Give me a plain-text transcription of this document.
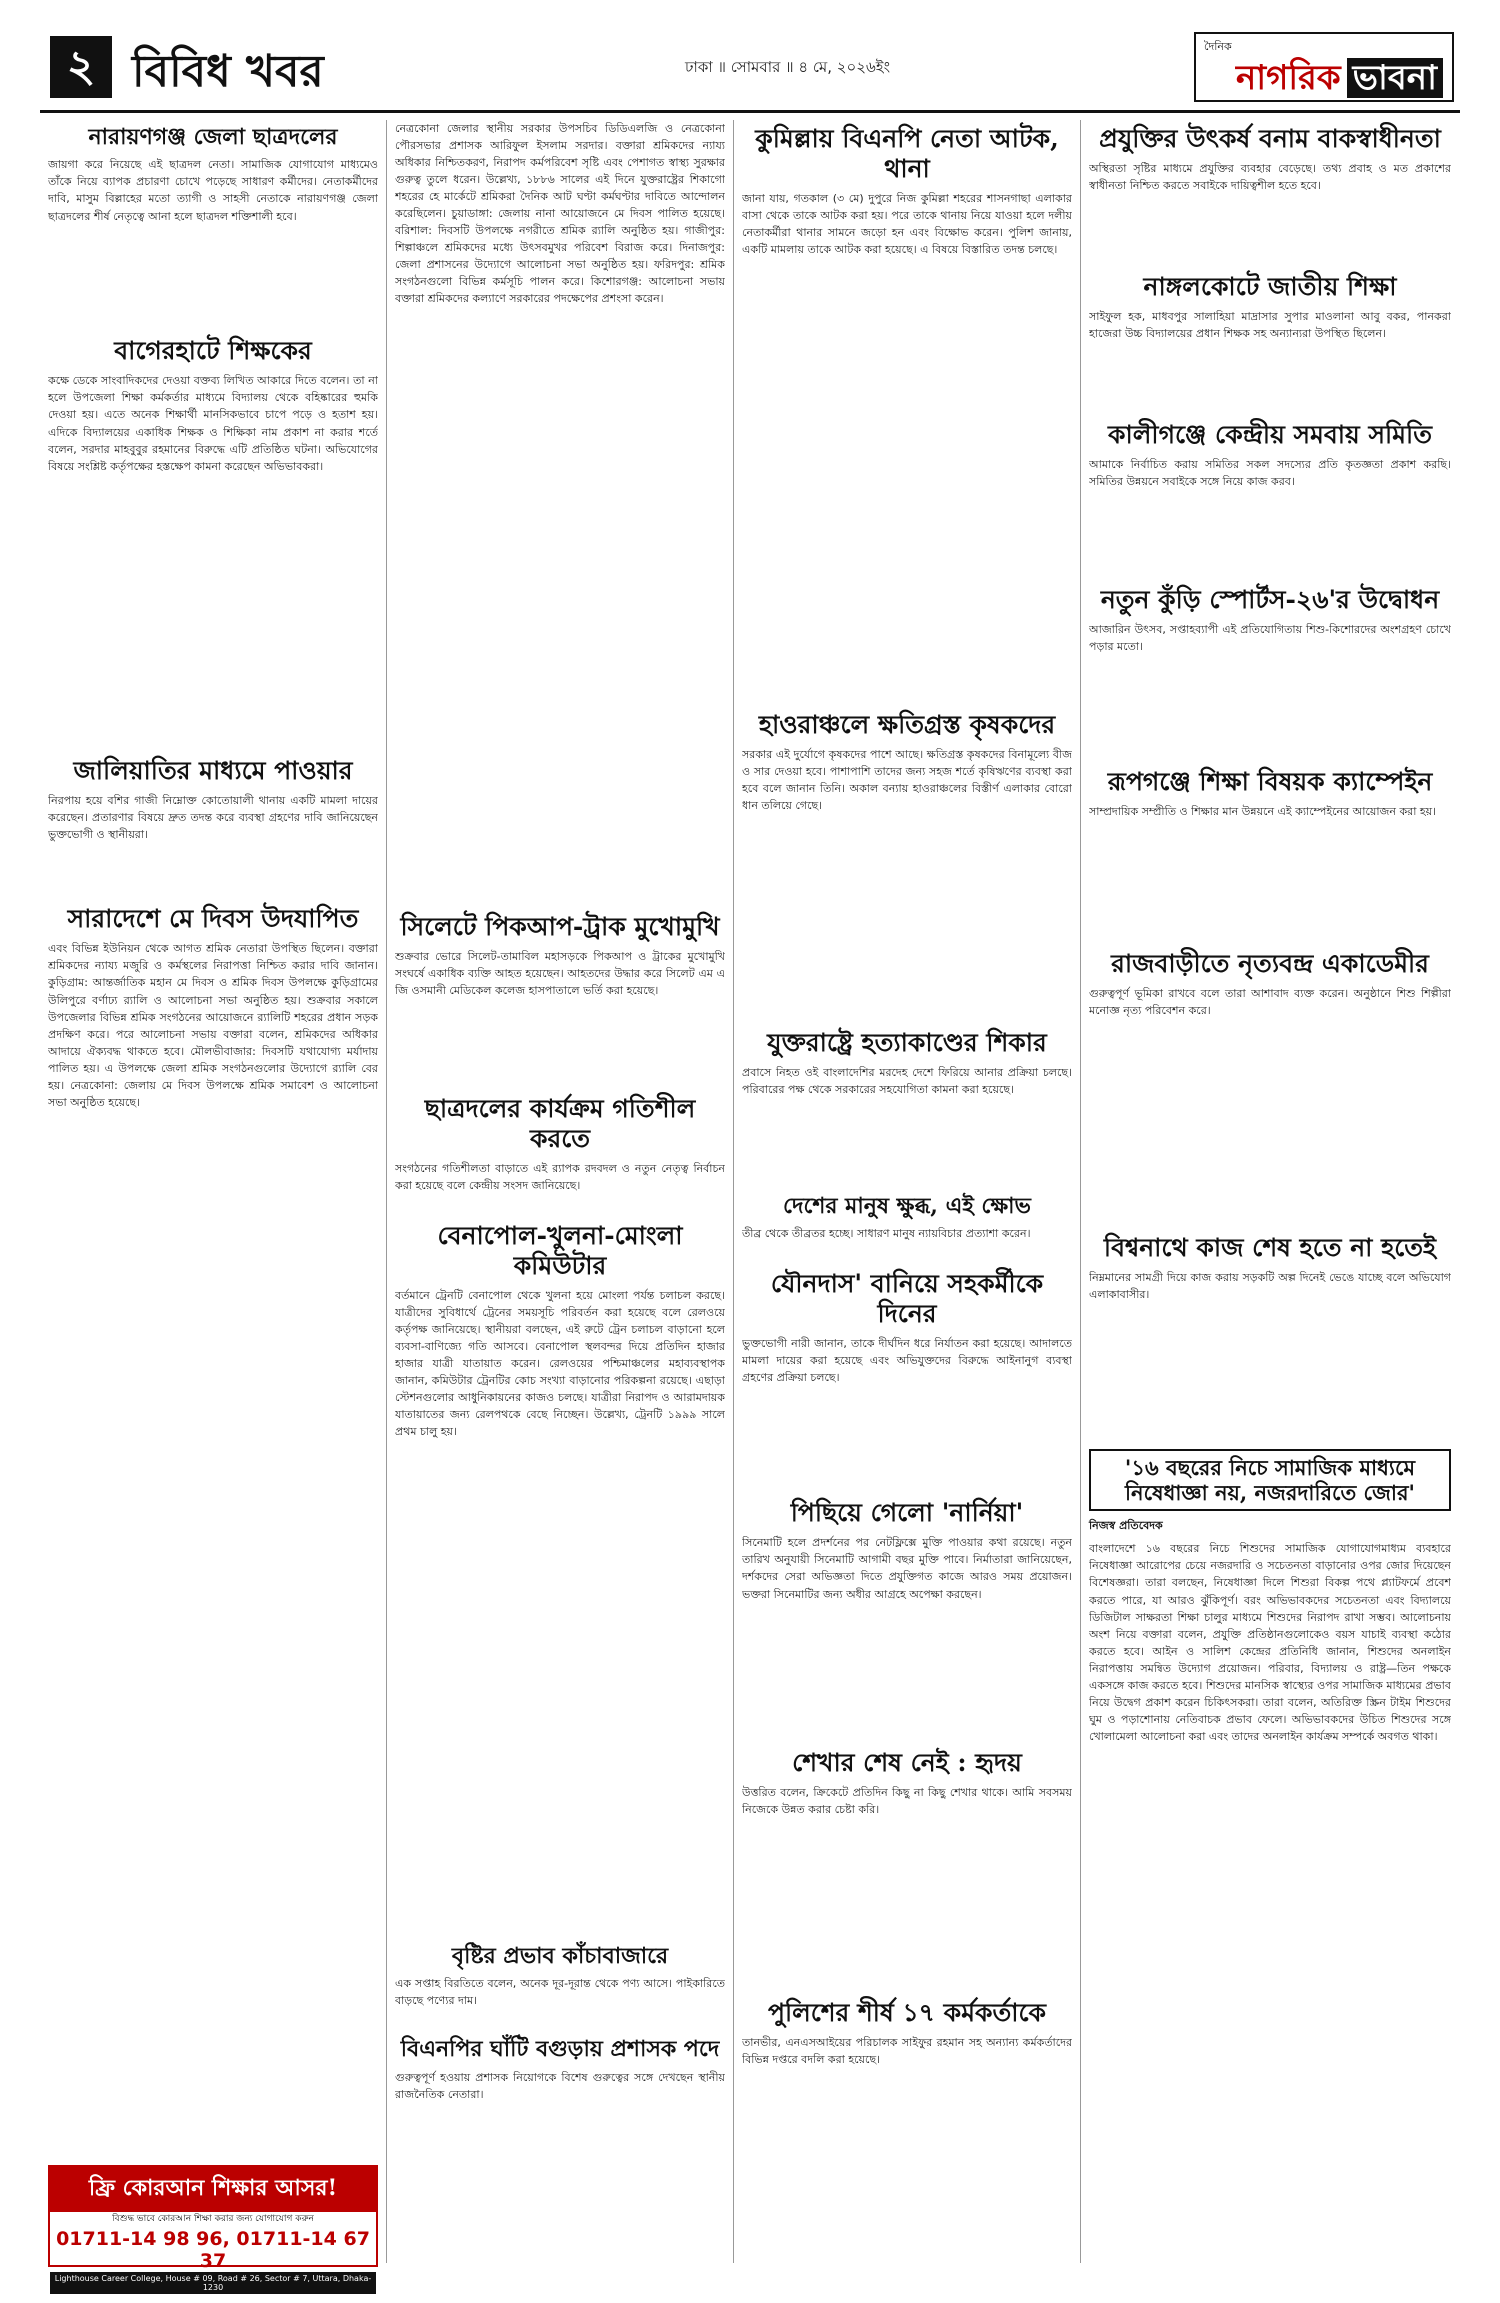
২ বিবিধ খবর	ঢাকা ॥ সোমবার ॥ ৪ মে, ২০২৬ইং
দৈনিক
নাগরিক ভাবনা
নারায়ণগঞ্জ জেলা ছাত্রদলের

জায়গা করে নিয়েছে এই ছাত্রদল নেতা। সামাজিক যোগাযোগ মাধ্যমেও তাঁকে নিয়ে ব্যাপক প্রচারণা চোখে পড়েছে সাধারণ কর্মীদের। নেতাকর্মীদের দাবি, মাসুম বিল্লাহের মতো ত্যাগী ও সাহসী নেতাকে নারায়ণগঞ্জ জেলা ছাত্রদলের শীর্ষ নেতৃত্বে আনা হলে ছাত্রদল শক্তিশালী হবে।

বাগেরহাটে শিক্ষকের

কক্ষে ডেকে সাংবাদিকদের দেওয়া বক্তব্য লিখিত আকারে দিতে বলেন। তা না হলে উপজেলা শিক্ষা কর্মকর্তার মাধ্যমে বিদ্যালয় থেকে বহিষ্কারের হুমকি দেওয়া হয়। এতে অনেক শিক্ষার্থী মানসিকভাবে চাপে পড়ে ও হতাশ হয়। এদিকে বিদ্যালয়ের একাধিক শিক্ষক ও শিক্ষিকা নাম প্রকাশ না করার শর্তে বলেন, সরদার মাহবুবুর রহমানের বিরুদ্ধে এটি প্রতিষ্ঠিত ঘটনা। অভিযোগের বিষয়ে সংশ্লিষ্ট কর্তৃপক্ষের হস্তক্ষেপ কামনা করেছেন অভিভাবকরা।

জালিয়াতির মাধ্যমে পাওয়ার

নিরপায় হয়ে বশির গাজী নিম্নোক্ত কোতোয়ালী থানায় একটি মামলা দায়ের করেছেন। প্রতারণার বিষয়ে দ্রুত তদন্ত করে ব্যবস্থা গ্রহণের দাবি জানিয়েছেন ভুক্তভোগী ও স্থানীয়রা।

সারাদেশে মে দিবস উদযাপিত

এবং বিভিন্ন ইউনিয়ন থেকে আগত শ্রমিক নেতারা উপস্থিত ছিলেন। বক্তারা শ্রমিকদের ন্যায্য মজুরি ও কর্মস্থলের নিরাপত্তা নিশ্চিত করার দাবি জানান। কুড়িগ্রাম: আন্তর্জাতিক মহান মে দিবস ও শ্রমিক দিবস উপলক্ষে কুড়িগ্রামের উলিপুরে বর্ণাঢ্য র‍্যালি ও আলোচনা সভা অনুষ্ঠিত হয়। শুক্রবার সকালে উপজেলার বিভিন্ন শ্রমিক সংগঠনের আয়োজনে র‍্যালিটি শহরের প্রধান সড়ক প্রদক্ষিণ করে। পরে আলোচনা সভায় বক্তারা বলেন, শ্রমিকদের অধিকার আদায়ে ঐক্যবদ্ধ থাকতে হবে। মৌলভীবাজার: দিবসটি যথাযোগ্য মর্যাদায় পালিত হয়। এ উপলক্ষে জেলা শ্রমিক সংগঠনগুলোর উদ্যোগে র‍্যালি বের হয়। নেত্রকোনা: জেলায় মে দিবস উপলক্ষে শ্রমিক সমাবেশ ও আলোচনা সভা অনুষ্ঠিত হয়েছে।

নেত্রকোনা জেলার স্থানীয় সরকার উপসচিব ডিডিএলজি ও নেত্রকোনা পৌরসভার প্রশাসক আরিফুল ইসলাম সরদার। বক্তারা শ্রমিকদের ন্যায্য অধিকার নিশ্চিতকরণ, নিরাপদ কর্মপরিবেশ সৃষ্টি এবং পেশাগত স্বাস্থ্য সুরক্ষার গুরুত্ব তুলে ধরেন। উল্লেখ্য, ১৮৮৬ সালের এই দিনে যুক্তরাষ্ট্রের শিকাগো শহরের হে মার্কেটে শ্রমিকরা দৈনিক আট ঘণ্টা কর্মঘণ্টার দাবিতে আন্দোলন করেছিলেন। চুয়াডাঙ্গা: জেলায় নানা আয়োজনে মে দিবস পালিত হয়েছে। বরিশাল: দিবসটি উপলক্ষে নগরীতে শ্রমিক র‍্যালি অনুষ্ঠিত হয়। গাজীপুর: শিল্পাঞ্চলে শ্রমিকদের মধ্যে উৎসবমুখর পরিবেশ বিরাজ করে। দিনাজপুর: জেলা প্রশাসনের উদ্যোগে আলোচনা সভা অনুষ্ঠিত হয়। ফরিদপুর: শ্রমিক সংগঠনগুলো বিভিন্ন কর্মসূচি পালন করে। কিশোরগঞ্জ: আলোচনা সভায় বক্তারা শ্রমিকদের কল্যাণে সরকারের পদক্ষেপের প্রশংসা করেন।

সিলেটে পিকআপ-ট্রাক মুখোমুখি

শুক্রবার ভোরে সিলেট-তামাবিল মহাসড়কে পিকআপ ও ট্রাকের মুখোমুখি সংঘর্ষে একাধিক ব্যক্তি আহত হয়েছেন। আহতদের উদ্ধার করে সিলেট এম এ জি ওসমানী মেডিকেল কলেজ হাসপাতালে ভর্তি করা হয়েছে।

ছাত্রদলের কার্যক্রম গতিশীল করতে

সংগঠনের গতিশীলতা বাড়াতে এই র‍্যাপক রদবদল ও নতুন নেতৃত্ব নির্বাচন করা হয়েছে বলে কেন্দ্রীয় সংসদ জানিয়েছে।

বেনাপোল-খুলনা-মোংলা কমিউটার

বর্তমানে ট্রেনটি বেনাপোল থেকে খুলনা হয়ে মোংলা পর্যন্ত চলাচল করছে। যাত্রীদের সুবিধার্থে ট্রেনের সময়সূচি পরিবর্তন করা হয়েছে বলে রেলওয়ে কর্তৃপক্ষ জানিয়েছে। স্থানীয়রা বলছেন, এই রুটে ট্রেন চলাচল বাড়ানো হলে ব্যবসা-বাণিজ্যে গতি আসবে। বেনাপোল স্থলবন্দর দিয়ে প্রতিদিন হাজার হাজার যাত্রী যাতায়াত করেন। রেলওয়ের পশ্চিমাঞ্চলের মহাব্যবস্থাপক জানান, কমিউটার ট্রেনটির কোচ সংখ্যা বাড়ানোর পরিকল্পনা রয়েছে। এছাড়া স্টেশনগুলোর আধুনিকায়নের কাজও চলছে। যাত্রীরা নিরাপদ ও আরামদায়ক যাতায়াতের জন্য রেলপথকে বেছে নিচ্ছেন। উল্লেখ্য, ট্রেনটি ১৯৯৯ সালে প্রথম চালু হয়।

বৃষ্টির প্রভাব কাঁচাবাজারে

এক সপ্তাহ বিরতিতে বলেন, অনেক দূর-দূরান্ত থেকে পণ্য আসে। পাইকারিতে বাড়ছে পণ্যের দাম।

বিএনপির ঘাঁটি বগুড়ায় প্রশাসক পদে

গুরুত্বপূর্ণ হওয়ায় প্রশাসক নিয়োগকে বিশেষ গুরুত্বের সঙ্গে দেখছেন স্থানীয় রাজনৈতিক নেতারা।

কুমিল্লায় বিএনপি নেতা আটক, থানা

জানা যায়, গতকাল (৩ মে) দুপুরে নিজ কুমিল্লা শহরের শাসনগাছা এলাকার বাসা থেকে তাকে আটক করা হয়। পরে তাকে থানায় নিয়ে যাওয়া হলে দলীয় নেতাকর্মীরা থানার সামনে জড়ো হন এবং বিক্ষোভ করেন। পুলিশ জানায়, একটি মামলায় তাকে আটক করা হয়েছে। এ বিষয়ে বিস্তারিত তদন্ত চলছে।

হাওরাঞ্চলে ক্ষতিগ্রস্ত কৃষকদের

সরকার এই দুর্যোগে কৃষকদের পাশে আছে। ক্ষতিগ্রস্ত কৃষকদের বিনামূল্যে বীজ ও সার দেওয়া হবে। পাশাপাশি তাদের জন্য সহজ শর্তে কৃষিঋণের ব্যবস্থা করা হবে বলে জানান তিনি। অকাল বন্যায় হাওরাঞ্চলের বিস্তীর্ণ এলাকার বোরো ধান তলিয়ে গেছে।

যুক্তরাষ্ট্রে হত্যাকাণ্ডের শিকার

প্রবাসে নিহত ওই বাংলাদেশির মরদেহ দেশে ফিরিয়ে আনার প্রক্রিয়া চলছে। পরিবারের পক্ষ থেকে সরকারের সহযোগিতা কামনা করা হয়েছে।

দেশের মানুষ ক্ষুব্ধ, এই ক্ষোভ

তীব্র থেকে তীব্রতর হচ্ছে। সাধারণ মানুষ ন্যায়বিচার প্রত্যাশা করেন।

যৌনদাস' বানিয়ে সহকর্মীকে দিনের

ভুক্তভোগী নারী জানান, তাকে দীর্ঘদিন ধরে নির্যাতন করা হয়েছে। আদালতে মামলা দায়ের করা হয়েছে এবং অভিযুক্তদের বিরুদ্ধে আইনানুগ ব্যবস্থা গ্রহণের প্রক্রিয়া চলছে।

পিছিয়ে গেলো 'নার্নিয়া'

সিনেমাটি হলে প্রদর্শনের পর নেটফ্লিক্সে মুক্তি পাওয়ার কথা রয়েছে। নতুন তারিখ অনুযায়ী সিনেমাটি আগামী বছর মুক্তি পাবে। নির্মাতারা জানিয়েছেন, দর্শকদের সেরা অভিজ্ঞতা দিতে প্রযুক্তিগত কাজে আরও সময় প্রয়োজন। ভক্তরা সিনেমাটির জন্য অধীর আগ্রহে অপেক্ষা করছেন।

শেখার শেষ নেই : হৃদয়

উত্তরিত বলেন, ক্রিকেটে প্রতিদিন কিছু না কিছু শেখার থাকে। আমি সবসময় নিজেকে উন্নত করার চেষ্টা করি।

পুলিশের শীর্ষ ১৭ কর্মকর্তাকে

তানভীর, এনএসআইয়ের পরিচালক সাইফুর রহমান সহ অন্যান্য কর্মকর্তাদের বিভিন্ন দপ্তরে বদলি করা হয়েছে।

প্রযুক্তির উৎকর্ষ বনাম বাকস্বাধীনতা

অস্থিরতা সৃষ্টির মাধ্যমে প্রযুক্তির ব্যবহার বেড়েছে। তথ্য প্রবাহ ও মত প্রকাশের স্বাধীনতা নিশ্চিত করতে সবাইকে দায়িত্বশীল হতে হবে।

নাঙ্গলকোটে জাতীয় শিক্ষা

সাইফুল হক, মাধবপুর সালাহিয়া মাদ্রাসার সুপার মাওলানা আবু বকর, পানকরা হাজেরা উচ্চ বিদ্যালয়ের প্রধান শিক্ষক সহ অন্যান্যরা উপস্থিত ছিলেন।

কালীগঞ্জে কেন্দ্রীয় সমবায় সমিতি

আমাকে নির্বাচিত করায় সমিতির সকল সদস্যের প্রতি কৃতজ্ঞতা প্রকাশ করছি। সমিতির উন্নয়নে সবাইকে সঙ্গে নিয়ে কাজ করব।

নতুন কুঁড়ি স্পোর্টস-২৬'র উদ্বোধন

আজারিন উৎসব, সপ্তাহব্যাপী এই প্রতিযোগিতায় শিশু-কিশোরদের অংশগ্রহণ চোখে পড়ার মতো।

রূপগঞ্জে শিক্ষা বিষয়ক ক্যাম্পেইন

সাম্প্রদায়িক সম্প্রীতি ও শিক্ষার মান উন্নয়নে এই ক্যাম্পেইনের আয়োজন করা হয়।

রাজবাড়ীতে নৃত্যবন্দ্র একাডেমীর

গুরুত্বপূর্ণ ভূমিকা রাখবে বলে তারা আশাবাদ ব্যক্ত করেন। অনুষ্ঠানে শিশু শিল্পীরা মনোজ্ঞ নৃত্য পরিবেশন করে।

বিশ্বনাথে কাজ শেষ হতে না হতেই

নিম্নমানের সামগ্রী দিয়ে কাজ করায় সড়কটি অল্প দিনেই ভেঙে যাচ্ছে বলে অভিযোগ এলাকাবাসীর।

'১৬ বছরের নিচে সামাজিক মাধ্যমে নিষেধাজ্ঞা নয়, নজরদারিতে জোর'
নিজস্ব প্রতিবেদক

বাংলাদেশে ১৬ বছরের নিচে শিশুদের সামাজিক যোগাযোগমাধ্যম ব্যবহারে নিষেধাজ্ঞা আরোপের চেয়ে নজরদারি ও সচেতনতা বাড়ানোর ওপর জোর দিয়েছেন বিশেষজ্ঞরা। তারা বলছেন, নিষেধাজ্ঞা দিলে শিশুরা বিকল্প পথে প্ল্যাটফর্মে প্রবেশ করতে পারে, যা আরও ঝুঁকিপূর্ণ। বরং অভিভাবকদের সচেতনতা এবং বিদ্যালয়ে ডিজিটাল সাক্ষরতা শিক্ষা চালুর মাধ্যমে শিশুদের নিরাপদ রাখা সম্ভব। আলোচনায় অংশ নিয়ে বক্তারা বলেন, প্রযুক্তি প্রতিষ্ঠানগুলোকেও বয়স যাচাই ব্যবস্থা কঠোর করতে হবে। আইন ও সালিশ কেন্দ্রের প্রতিনিধি জানান, শিশুদের অনলাইন নিরাপত্তায় সমন্বিত উদ্যোগ প্রয়োজন। পরিবার, বিদ্যালয় ও রাষ্ট্র—তিন পক্ষকে একসঙ্গে কাজ করতে হবে। শিশুদের মানসিক স্বাস্থ্যের ওপর সামাজিক মাধ্যমের প্রভাব নিয়ে উদ্বেগ প্রকাশ করেন চিকিৎসকরা। তারা বলেন, অতিরিক্ত স্ক্রিন টাইম শিশুদের ঘুম ও পড়াশোনায় নেতিবাচক প্রভাব ফেলে। অভিভাবকদের উচিত শিশুদের সঙ্গে খোলামেলা আলোচনা করা এবং তাদের অনলাইন কার্যক্রম সম্পর্কে অবগত থাকা।

ফ্রি কোরআন শিক্ষার আসর!
বিশুদ্ধ ভাবে কোরআন শিক্ষা করার জন্য যোগাযোগ করুন
01711-14 98 96, 01711-14 67 37
Lighthouse Career College, House # 09, Road # 26, Sector # 7, Uttara, Dhaka-1230
